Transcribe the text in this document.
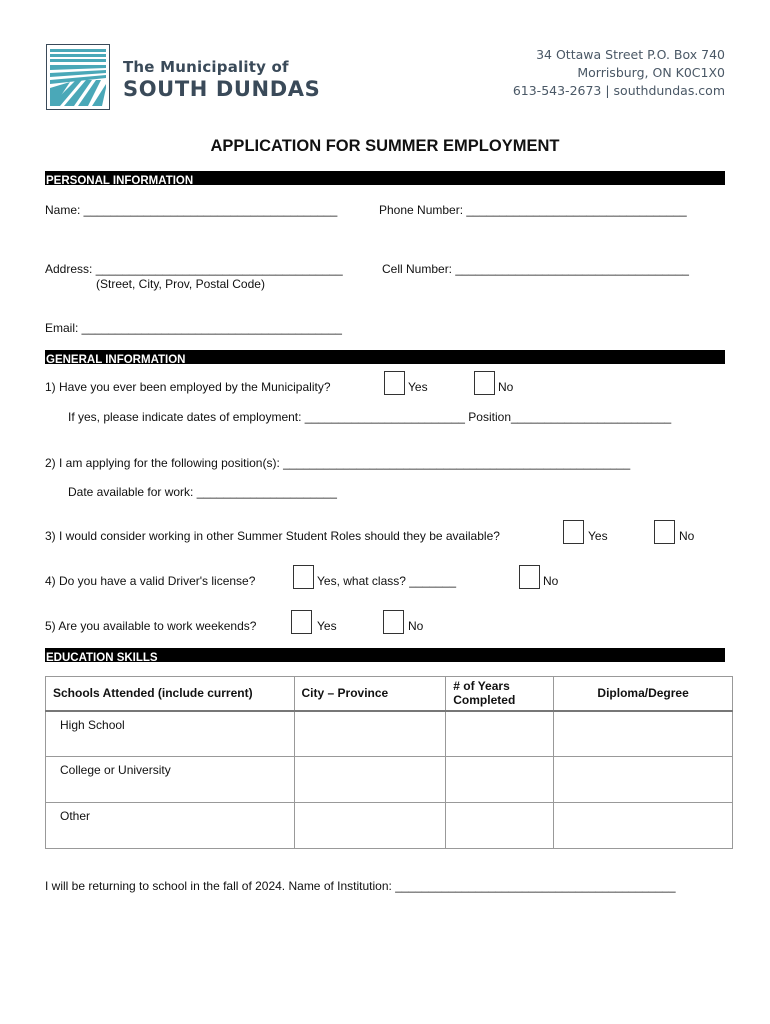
The Municipality of
SOUTH DUNDAS
34 Ottawa Street P.O. Box 740
Morrisburg, ON K0C1X0
613-543-2673 | southdundas.com
APPLICATION FOR SUMMER EMPLOYMENT
PERSONAL INFORMATION
Name: ______________________________________	Phone Number: _________________________________
Address: _____________________________________	Cell Number: ___________________________________
(Street, City, Prov, Postal Code)
Email: _______________________________________
GENERAL INFORMATION
1) Have you ever been employed by the Municipality?	Yes	No
If yes, please indicate dates of employment: ________________________ Position________________________
2) I am applying for the following position(s): ____________________________________________________
Date available for work: _____________________
3) I would consider working in other Summer Student Roles should they be available?	Yes	No
4) Do you have a valid Driver's license?	Yes, what class? _______	No
5) Are you available to work weekends?	Yes	No
EDUCATION SKILLS
Schools Attended (include current)	City – Province	# of Years Completed	Diploma/Degree
High School			
College or University			
Other			
I will be returning to school in the fall of 2024. Name of Institution: __________________________________________
